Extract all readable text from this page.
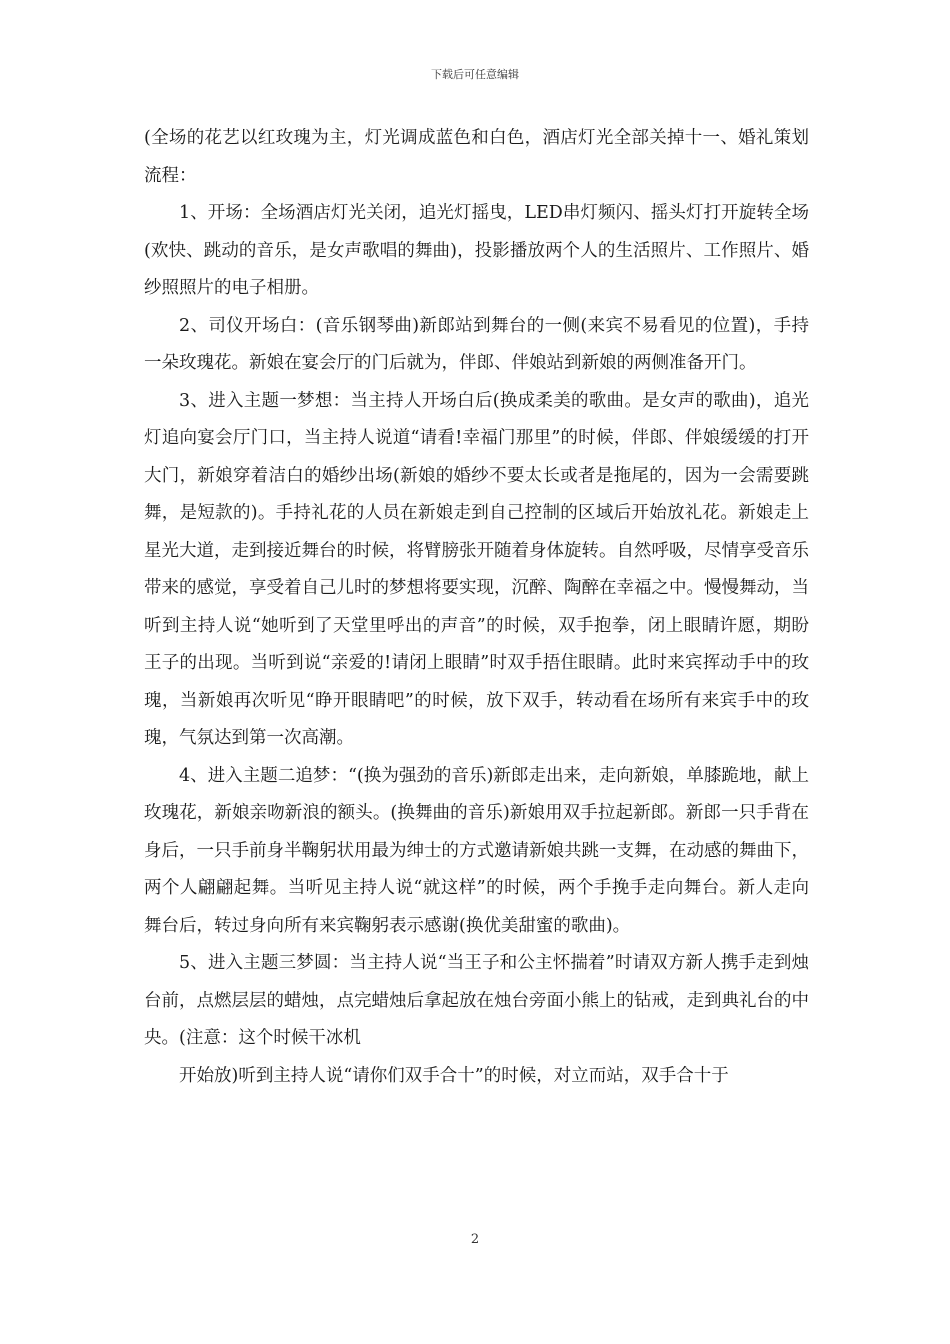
下载后可任意编辑

(全场的花艺以红玫瑰为主，灯光调成蓝色和白色，酒店灯光全部关掉十一、婚礼策划流程：

1、开场：全场酒店灯光关闭，追光灯摇曳，LED串灯频闪、摇头灯打开旋转全场(欢快、跳动的音乐，是女声歌唱的舞曲)，投影播放两个人的生活照片、工作照片、婚纱照照片的电子相册。

2、司仪开场白：(音乐钢琴曲)新郎站到舞台的一侧(来宾不易看见的位置)，手持一朵玫瑰花。新娘在宴会厅的门后就为，伴郎、伴娘站到新娘的两侧准备开门。

3、进入主题一梦想：当主持人开场白后(换成柔美的歌曲。是女声的歌曲)，追光灯追向宴会厅门口，当主持人说道“请看!幸福门那里”的时候，伴郎、伴娘缓缓的打开大门，新娘穿着洁白的婚纱出场(新娘的婚纱不要太长或者是拖尾的，因为一会需要跳舞，是短款的)。手持礼花的人员在新娘走到自己控制的区域后开始放礼花。新娘走上星光大道，走到接近舞台的时候，将臂膀张开随着身体旋转。自然呼吸，尽情享受音乐带来的感觉，享受着自己儿时的梦想将要实现，沉醉、陶醉在幸福之中。慢慢舞动，当听到主持人说“她听到了天堂里呼出的声音”的时候，双手抱拳，闭上眼睛许愿，期盼王子的出现。当听到说“亲爱的!请闭上眼睛”时双手捂住眼睛。此时来宾挥动手中的玫瑰，当新娘再次听见“睁开眼睛吧”的时候，放下双手，转动看在场所有来宾手中的玫瑰，气氛达到第一次高潮。

4、进入主题二追梦：“(换为强劲的音乐)新郎走出来，走向新娘，单膝跪地，献上玫瑰花，新娘亲吻新浪的额头。(换舞曲的音乐)新娘用双手拉起新郎。新郎一只手背在身后，一只手前身半鞠躬状用最为绅士的方式邀请新娘共跳一支舞，在动感的舞曲下，两个人翩翩起舞。当听见主持人说“就这样”的时候，两个手挽手走向舞台。新人走向舞台后，转过身向所有来宾鞠躬表示感谢(换优美甜蜜的歌曲)。

5、进入主题三梦圆：当主持人说“当王子和公主怀揣着”时请双方新人携手走到烛台前，点燃层层的蜡烛，点完蜡烛后拿起放在烛台旁面小熊上的钻戒，走到典礼台的中央。(注意：这个时候干冰机

开始放)听到主持人说“请你们双手合十”的时候，对立而站，双手合十于

2
